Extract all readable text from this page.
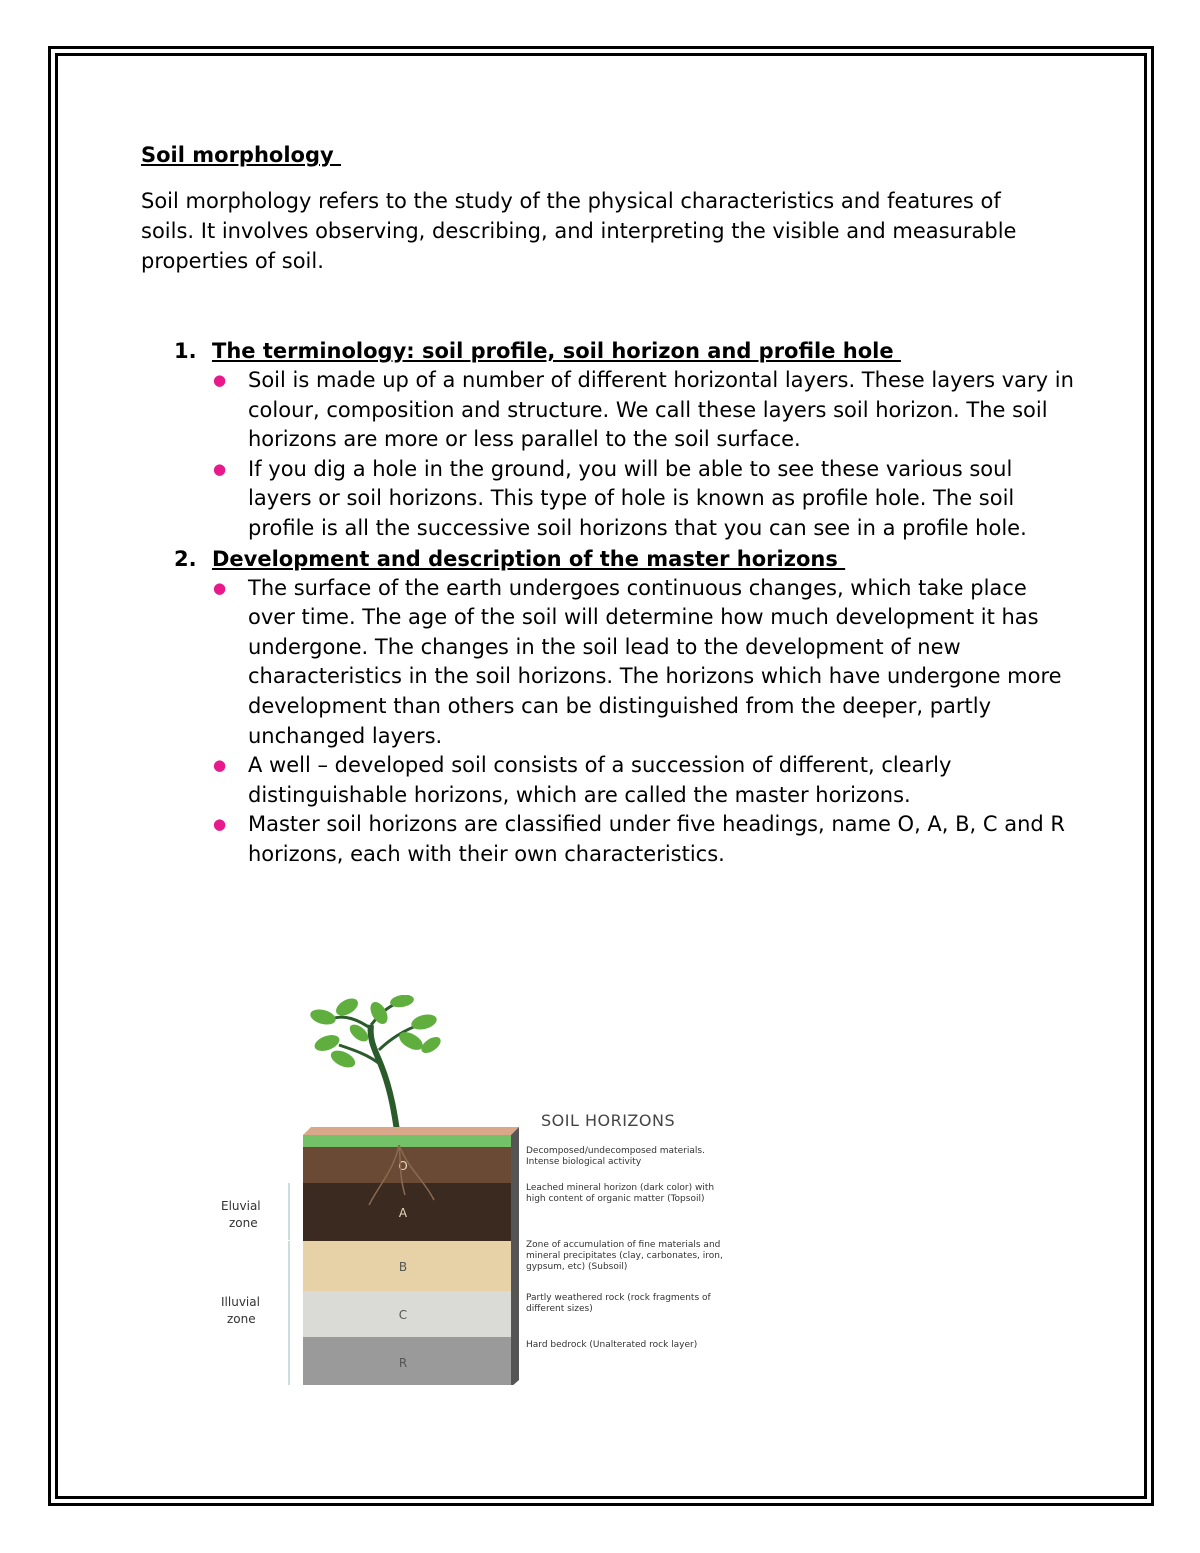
Soil morphology

Soil morphology refers to the study of the physical characteristics and features of soils. It involves observing, describing, and interpreting the visible and measurable properties of soil.

1. The terminology: soil profile, soil horizon and profile hole
●	Soil is made up of a number of different horizontal layers. These layers vary in colour, composition and structure. We call these layers soil horizon. The soil horizons are more or less parallel to the soil surface.
●	If you dig a hole in the ground, you will be able to see these various soul layers or soil horizons. This type of hole is known as profile hole. The soil profile is all the successive soil horizons that you can see in a profile hole.
2. Development and description of the master horizons
●	The surface of the earth undergoes continuous changes, which take place over time. The age of the soil will determine how much development it has undergone. The changes in the soil lead to the development of new characteristics in the soil horizons. The horizons which have undergone more development than others can be distinguished from the deeper, partly unchanged layers.
●	A well – developed soil consists of a succession of different, clearly distinguishable horizons, which are called the master horizons.
●	Master soil horizons are classified under five headings, name O, A, B, C and R horizons, each with their own characteristics.
O
A
B
C
R
Eluvial
zone
Illuvial
zone
SOIL HORIZONS
Decomposed/undecomposed materials.
Intense biological activity
Leached mineral horizon (dark color) with
high content of organic matter (Topsoil)
Zone of accumulation of fine materials and
mineral precipitates (clay, carbonates, iron,
gypsum, etc) (Subsoil)
Partly weathered rock (rock fragments of
different sizes)
Hard bedrock (Unalterated rock layer)
